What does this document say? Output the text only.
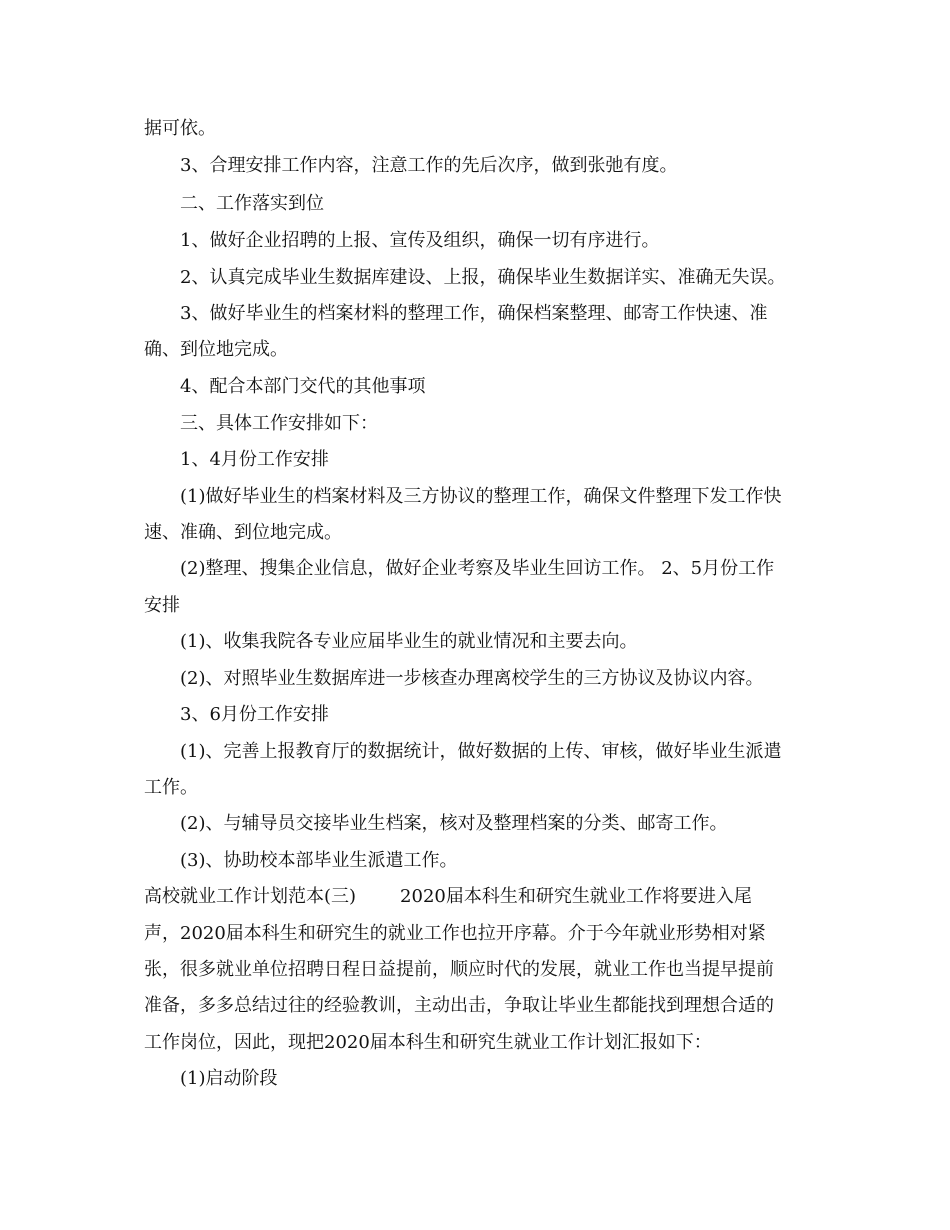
据可依。
3、合理安排工作内容，注意工作的先后次序，做到张弛有度。
二、工作落实到位
1、做好企业招聘的上报、宣传及组织，确保一切有序进行。
2、认真完成毕业生数据库建设、上报，确保毕业生数据详实、准确无失误。
3、做好毕业生的档案材料的整理工作，确保档案整理、邮寄工作快速、准
确、到位地完成。
4、配合本部门交代的其他事项
三、具体工作安排如下：
1、4月份工作安排
(1)做好毕业生的档案材料及三方协议的整理工作，确保文件整理下发工作快
速、准确、到位地完成。
(2)整理、搜集企业信息，做好企业考察及毕业生回访工作。 2、5月份工作
安排
(1)、收集我院各专业应届毕业生的就业情况和主要去向。
(2)、对照毕业生数据库进一步核查办理离校学生的三方协议及协议内容。
3、6月份工作安排
(1)、完善上报教育厅的数据统计，做好数据的上传、审核，做好毕业生派遣
工作。
(2)、与辅导员交接毕业生档案，核对及整理档案的分类、邮寄工作。
(3)、协助校本部毕业生派遣工作。
高校就业工作计划范本(三) 2020届本科生和研究生就业工作将要进入尾
声，2020届本科生和研究生的就业工作也拉开序幕。介于今年就业形势相对紧
张，很多就业单位招聘日程日益提前，顺应时代的发展，就业工作也当提早提前
准备，多多总结过往的经验教训，主动出击，争取让毕业生都能找到理想合适的
工作岗位，因此，现把2020届本科生和研究生就业工作计划汇报如下：
(1)启动阶段
